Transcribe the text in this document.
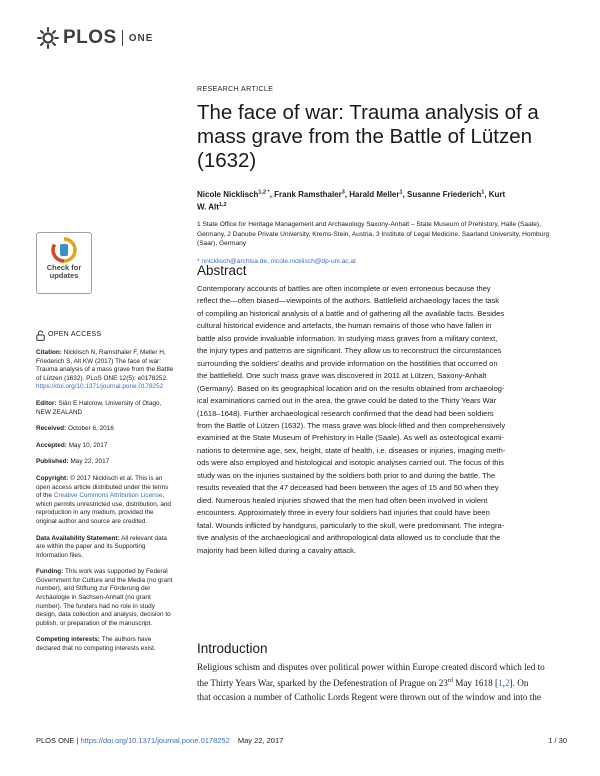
PLOS ONE
Check for
updates
OPEN ACCESS
Citation: Nicklisch N, Ramsthaler F, Meller H, Friederich S, Alt KW (2017) The face of war: Trauma analysis of a mass grave from the Battle of Lützen (1632). PLoS ONE 12(5): e0178252. https://doi.org/10.1371/journal.pone.0178252
Editor: Siân E Halcrow, University of Otago, NEW ZEALAND
Received: October 6, 2016
Accepted: May 10, 2017
Published: May 22, 2017
Copyright: © 2017 Nicklisch et al. This is an open access article distributed under the terms of the Creative Commons Attribution License, which permits unrestricted use, distribution, and reproduction in any medium, provided the original author and source are credited.
Data Availability Statement: All relevant data are within the paper and its Supporting Information files.
Funding: This work was supported by Federal Government for Culture and the Media (no grant number), and Stiftung zur Förderung der Archäologie in Sachsen-Anhalt (no grant number). The funders had no role in study design, data collection and analysis, decision to publish, or preparation of the manuscript.
Competing interests: The authors have declared that no competing interests exist.
RESEARCH ARTICLE
The face of war: Trauma analysis of a mass grave from the Battle of Lützen (1632)
Nicole Nicklisch$^{1,2 *}$, Frank Ramsthaler$^3$, Harald Meller$^1$, Susanne Friederich$^1$, Kurt
W. Alt$^{1,2}$
1 State Office for Heritage Management and Archaeology Saxony-Anhalt – State Museum of Prehistory, Halle (Saale), Germany, 2 Danube Private University, Krems-Stein, Austria, 3 Institute of Legal Medicine, Saarland University, Homburg (Saar), Germany
* nnicklisch@archlsa.de, nicole.nicklisch@dp-uni.ac.at
Abstract
Contemporary accounts of battles are often incomplete or even erroneous because they
reflect the—often biased—viewpoints of the authors. Battlefield archaeology faces the task
of compiling an historical analysis of a battle and of gathering all the available facts. Besides
cultural historical evidence and artefacts, the human remains of those who have fallen in
battle also provide invaluable information. In studying mass graves from a military context,
the injury types and patterns are significant. They allow us to reconstruct the circumstances
surrounding the soldiers' deaths and provide information on the hostilities that occurred on
the battlefield. One such mass grave was discovered in 2011 at Lützen, Saxony-Anhalt
(Germany). Based on its geographical location and on the results obtained from archaeolog-
ical examinations carried out in the area, the grave could be dated to the Thirty Years War
(1618–1648). Further archaeological research confirmed that the dead had been soldiers
from the Battle of Lützen (1632). The mass grave was block-lifted and then comprehensively
examined at the State Museum of Prehistory in Halle (Saale). As well as osteological exami-
nations to determine age, sex, height, state of health, i.e. diseases or injuries, imaging meth-
ods were also employed and histological and isotopic analyses carried out. The focus of this
study was on the injuries sustained by the soldiers both prior to and during the battle. The
results revealed that the 47 deceased had been between the ages of 15 and 50 when they
died. Numerous healed injuries showed that the men had often been involved in violent
encounters. Approximately three in every four soldiers had injuries that could have been
fatal. Wounds inflicted by handguns, particularly to the skull, were predominant. The integra-
tive analysis of the archaeological and anthropological data allowed us to conclude that the
majority had been killed during a cavalry attack.
Introduction
Religious schism and disputes over political power within Europe created discord which led to
the Thirty Years War, sparked by the Defenestration of Prague on 23rd May 1618 [1,2]. On
that occasion a number of Catholic Lords Regent were thrown out of the window and into the
PLOS ONE | https://doi.org/10.1371/journal.pone.0178252 May 22, 2017	1 / 30
